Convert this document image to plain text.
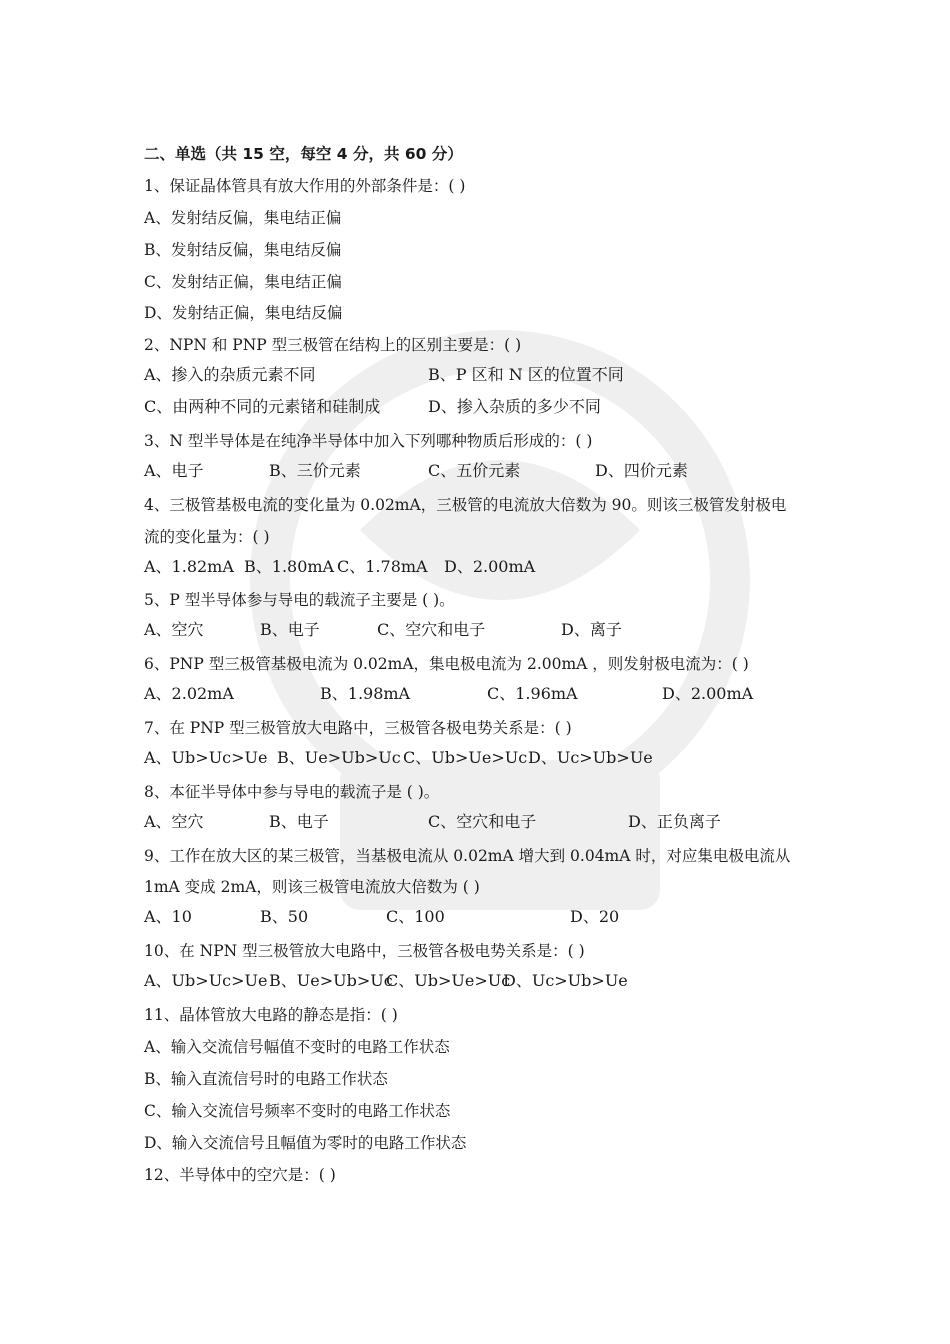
二、单选（共 15 空，每空 4 分，共 60 分）
1、保证晶体管具有放大作用的外部条件是：( )
A、发射结反偏，集电结正偏
B、发射结反偏，集电结反偏
C、发射结正偏，集电结正偏
D、发射结正偏，集电结反偏
2、NPN 和 PNP 型三极管在结构上的区别主要是：( )
A、掺入的杂质元素不同	B、P 区和 N 区的位置不同
C、由两种不同的元素锗和硅制成	D、掺入杂质的多少不同
3、N 型半导体是在纯净半导体中加入下列哪种物质后形成的：( )
A、电子	B、三价元素	C、五价元素	D、四价元素
4、三极管基极电流的变化量为 0.02mA，三极管的电流放大倍数为 90。则该三极管发射极电
流的变化量为：( )
A、1.82mA B、1.80mA C、1.78mA D、2.00mA
5、P 型半导体参与导电的载流子主要是 ( )。
A、空穴	B、电子	C、空穴和电子	D、离子
6、PNP 型三极管基极电流为 0.02mA，集电极电流为 2.00mA ，则发射极电流为：( )
A、2.02mA	B、1.98mA	C、1.96mA	D、2.00mA
7、在 PNP 型三极管放大电路中，三极管各极电势关系是：( )
A、Ub>Uc>Ue B、Ue>Ub>Uc C、Ub>Ue>Uc D、Uc>Ub>Ue
8、本征半导体中参与导电的载流子是 ( )。
A、空穴	B、电子	C、空穴和电子	D、正负离子
9、工作在放大区的某三极管，当基极电流从 0.02mA 增大到 0.04mA 时，对应集电极电流从
1mA 变成 2mA，则该三极管电流放大倍数为 ( )
A、10	B、50	C、100	D、20
10、在 NPN 型三极管放大电路中，三极管各极电势关系是：( )
A、Ub>Uc>Ue B、Ue>Ub>Uc
C、Ub>Ue>Uc
D、Uc>Ub>Ue
11、晶体管放大电路的静态是指：( )
A、输入交流信号幅值不变时的电路工作状态
B、输入直流信号时的电路工作状态
C、输入交流信号频率不变时的电路工作状态
D、输入交流信号且幅值为零时的电路工作状态
12、半导体中的空穴是：( )
